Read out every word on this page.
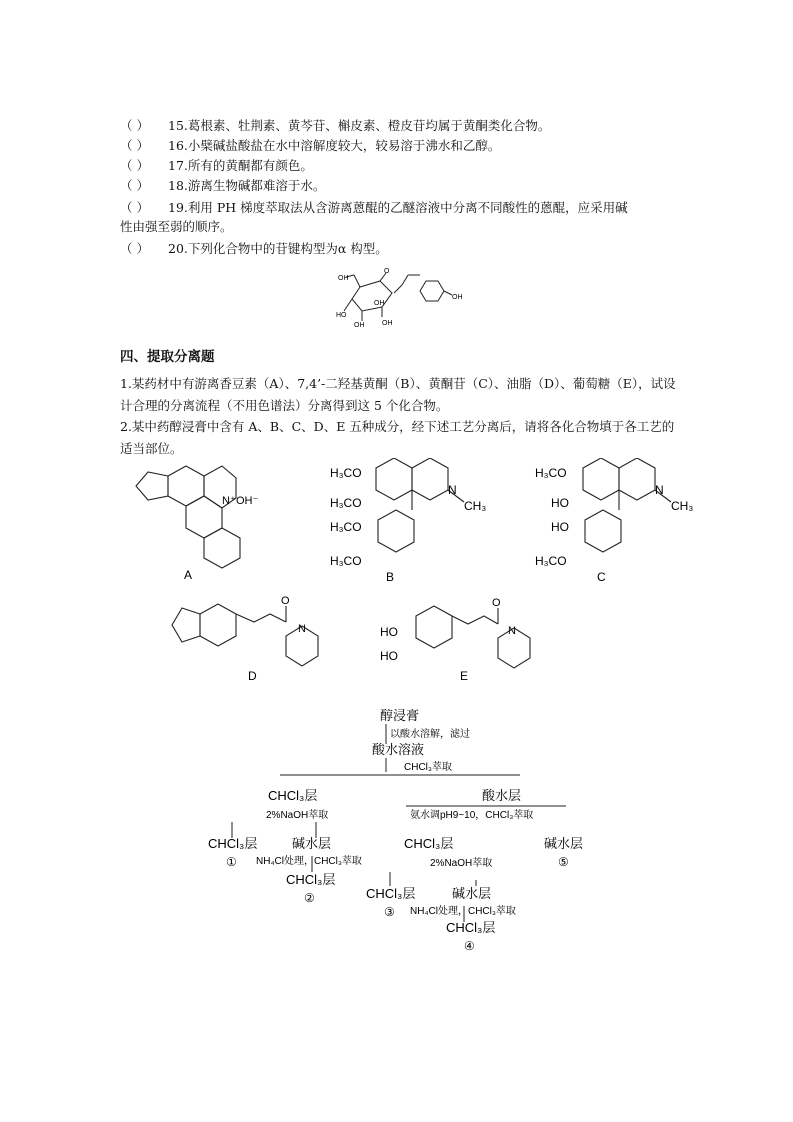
（ ） 15.葛根素、牡荆素、黄芩苷、槲皮素、橙皮苷均属于黄酮类化合物。
（ ） 16.小檗碱盐酸盐在水中溶解度较大，较易溶于沸水和乙醇。
（ ） 17.所有的黄酮都有颜色。
（ ） 18.游离生物碱都难溶于水。
（ ） 19.利用 PH 梯度萃取法从含游离蒽醌的乙醚溶液中分离不同酸性的蒽醌，应采用碱
性由强至弱的顺序。
（ ） 20.下列化合物中的苷键构型为α 构型。
OH
O
OH
OH
OH
HO
OH
四、提取分离题
1.某药材中有游离香豆素（A）、7,4’-二羟基黄酮（B）、黄酮苷（C）、油脂（D）、葡萄糖（E），试设计合理的分离流程（不用色谱法）分离得到这 5 个化合物。
2.某中药醇浸膏中含有 A、B、C、D、E 五种成分，经下述工艺分离后，请将各化合物填于各工艺的适当部位。
N⁺ OH⁻
A
H₃CO
H₃CO
N
CH₃
H₃CO
H₃CO
B
H₃CO
HO
N
CH₃
HO
H₃CO
C
O
N
D
HO
HO
O
N
E
醇浸膏
以酸水溶解，滤过
酸水溶液
CHCl₃萃取
CHCl₃层
2%NaOH萃取
酸水层
氨水调pH9~10，CHCl₃萃取
CHCl₃层
①
碱水层
NH₄Cl处理，CHCl₃萃取
CHCl₃层
②
CHCl₃层
2%NaOH萃取
碱水层
⑤
CHCl₃层
③
碱水层
NH₄Cl处理，CHCl₃萃取
CHCl₃层
④
